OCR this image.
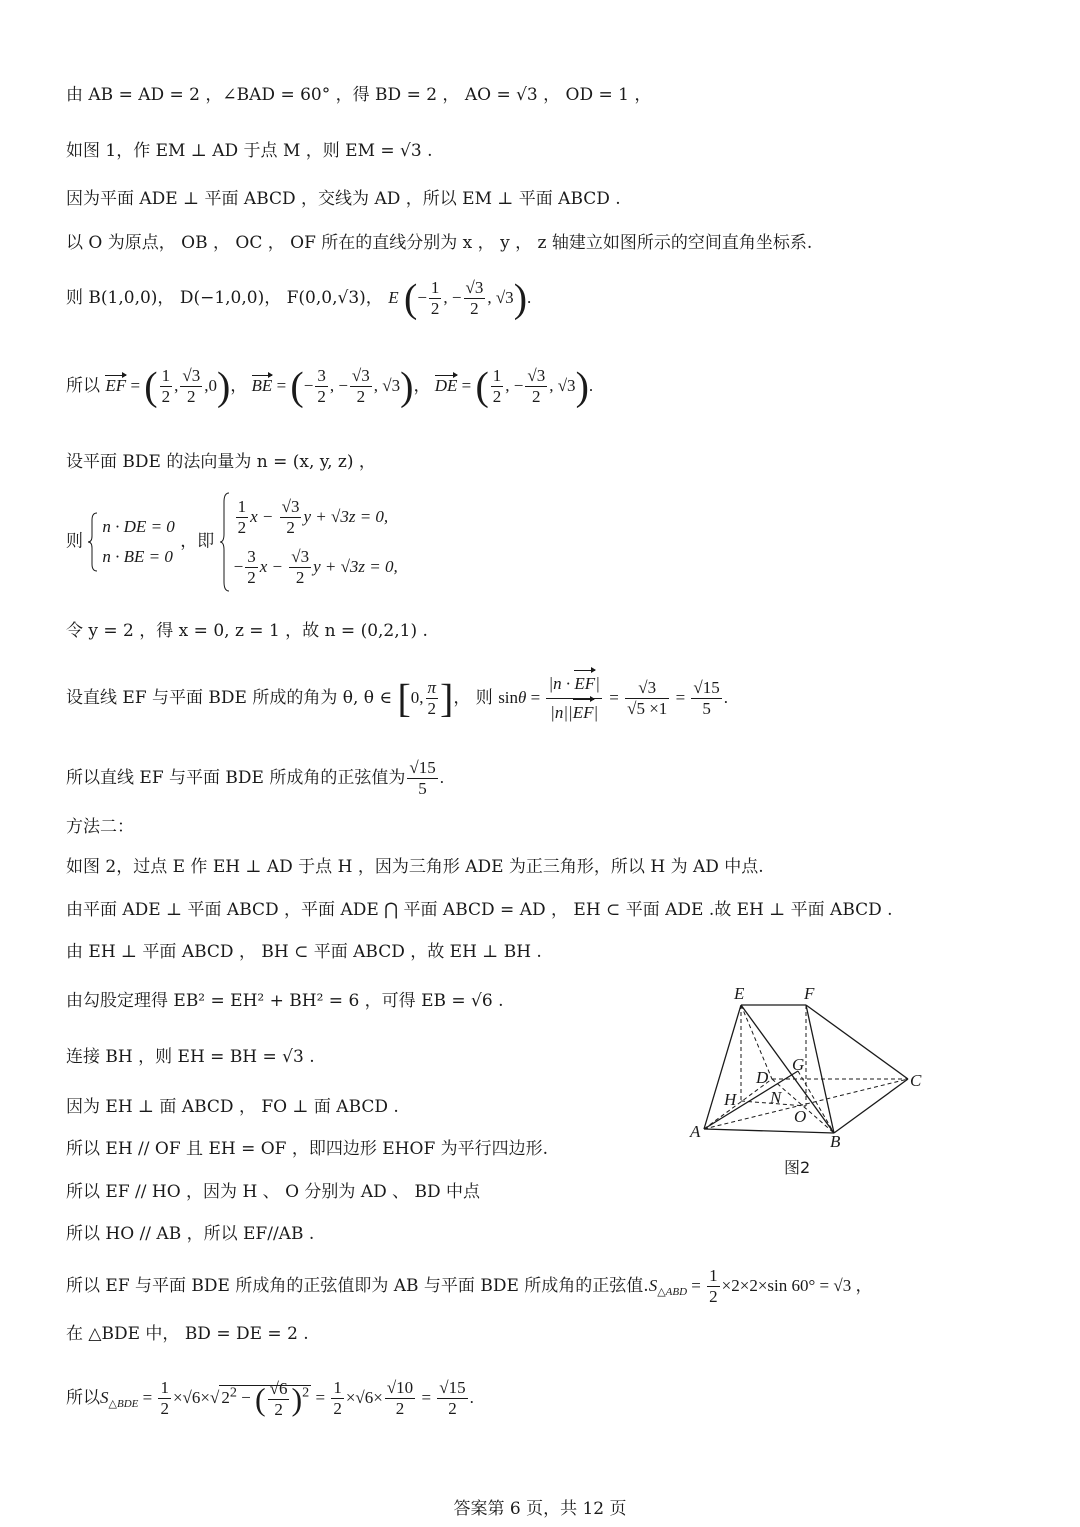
由 AB = AD = 2 ，∠BAD = 60° ，得 BD = 2 ， AO = √3 ， OD = 1 ，
如图 1，作 EM ⊥ AD 于点 M ，则 EM = √3 .
因为平面 ADE ⊥ 平面 ABCD ，交线为 AD ，所以 EM ⊥ 平面 ABCD .
以 O 为原点， OB ， OC ， OF 所在的直线分别为 x ， y ， z 轴建立如图所示的空间直角坐标系.
则 B(1,0,0)， D(−1,0,0)， F(0,0,√3)， E (− $\frac{1}{2}$ , − $\frac{√3}{2}$ , √3).
所以 EF = ( $\frac{1}{2}$ , $\frac{√3}{2} ,0$)， BE = (− $\frac{3}{2}$ , − $\frac{√3}{2}$ , √3)， DE = ( $\frac{1}{2}$ , − $\frac{√3}{2}$ , √3).
设平面 BDE 的法向量为 n = (x, y, z) ，
则
n · DE = 0
n · BE = 0
，即
$\frac{1}{2}$ $x - \frac{√3}{2}$ y + √3z = 0,
− $\frac{3}{2}$ $x - \frac{√3}{2}$ y + √3z = 0,
令 y = 2 ，得 x = 0, z = 1 ，故 n = (0,2,1) .
设直线 EF 与平面 BDE 所成的角为 θ, θ ∈ [0, $\frac{\pi}{2}$ ]， 则 $\sin\theta = \frac{|n \cdot EF|}{|n||EF|} = \frac{√3}{√5 \times 1} = \frac{√15}{5}$ .
所以直线 EF 与平面 BDE 所成角的正弦值为 $\frac{√15}{5}$ .
方法二：
如图 2，过点 E 作 EH ⊥ AD 于点 H ，因为三角形 ADE 为正三角形，所以 H 为 AD 中点.
由平面 ADE ⊥ 平面 ABCD ，平面 ADE ⋂ 平面 ABCD = AD ， EH ⊂ 平面 ADE .故 EH ⊥ 平面 ABCD .
由 EH ⊥ 平面 ABCD ， BH ⊂ 平面 ABCD ，故 EH ⊥ BH .
由勾股定理得 EB² = EH² + BH² = 6 ，可得 EB = √6 .
连接 BH ，则 EH = BH = √3 .
因为 EH ⊥ 面 ABCD ， FO ⊥ 面 ABCD .
所以 EH // OF 且 EH = OF ，即四边形 EHOF 为平行四边形.
所以 EF // HO ，因为 H 、 O 分别为 AD 、 BD 中点
所以 HO // AB ，所以 EF//AB .
所以 EF 与平面 BDE 所成角的正弦值即为 AB 与平面 BDE 所成角的正弦值$.S_{\triangle ABD} = \frac{1}{2} \times 2\times 2\times\sin$ 60° = √3 ，
在 △BDE 中， BD = DE = 2 .
所以$S_{\triangle BDE} = \frac{1}{2} \times√6\times√$ $2^2$ − ( $\frac{√6}{2} )^2 = \frac{1}{2} \times√6\times \frac{√10}{2} = \frac{√15}{2}$ .
E	F
G
D	C
H N
O
A
B
图2
答案第 6 页，共 12 页
